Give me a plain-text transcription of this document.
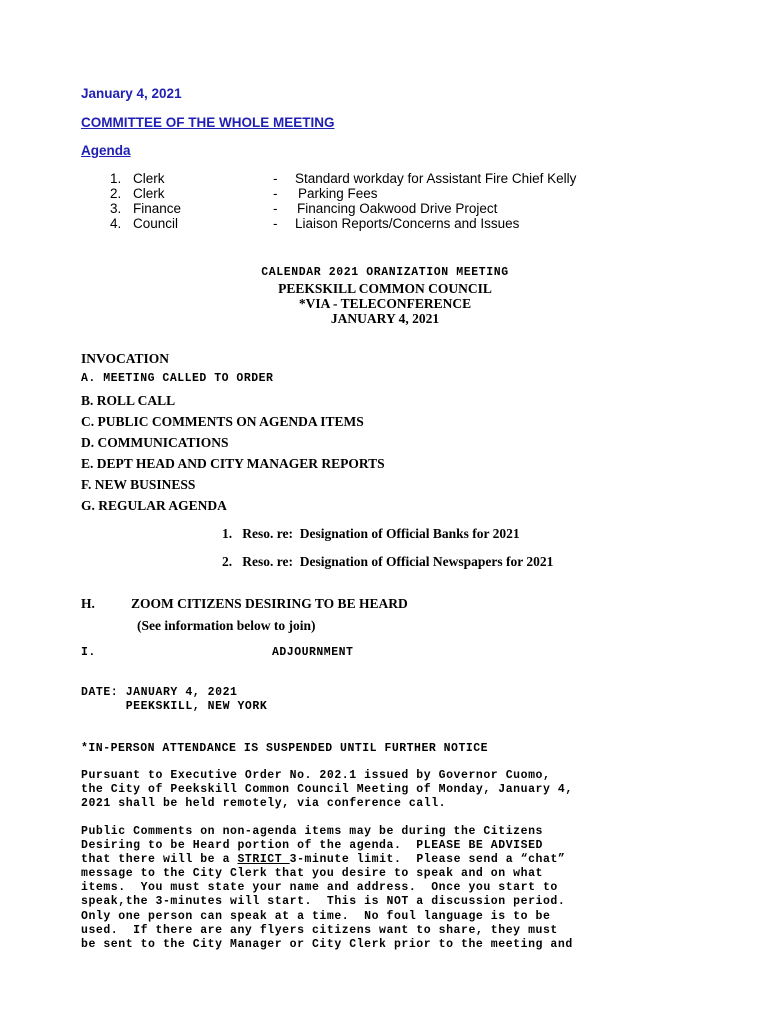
January 4, 2021
COMMITTEE OF THE WHOLE MEETING
Agenda
1. Clerk	- Standard workday for Assistant Fire Chief Kelly
2. Clerk	- Parking Fees
3. Finance	- Financing Oakwood Drive Project
4. Council	- Liaison Reports/Concerns and Issues
CALENDAR 2021 ORANIZATION MEETING
PEEKSKILL COMMON COUNCIL
*VIA - TELECONFERENCE
JANUARY 4, 2021
INVOCATION
A. MEETING CALLED TO ORDER
B. ROLL CALL
C. PUBLIC COMMENTS ON AGENDA ITEMS
D. COMMUNICATIONS
E. DEPT HEAD AND CITY MANAGER REPORTS
F. NEW BUSINESS
G. REGULAR AGENDA
1.   Reso. re:  Designation of Official Banks for 2021
2.   Reso. re:  Designation of Official Newspapers for 2021
H.	ZOOM CITIZENS DESIRING TO BE HEARD
(See information below to join)
I.	ADJOURNMENT
DATE: JANUARY 4, 2021
PEEKSKILL, NEW YORK
*IN-PERSON ATTENDANCE IS SUSPENDED UNTIL FURTHER NOTICE
Pursuant to Executive Order No. 202.1 issued by Governor Cuomo,
the City of Peekskill Common Council Meeting of Monday, January 4,
2021 shall be held remotely, via conference call.
Public Comments on non-agenda items may be during the Citizens
Desiring to be Heard portion of the agenda.  PLEASE BE ADVISED
that there will be a STRICT 3-minute limit.  Please send a “chat”
message to the City Clerk that you desire to speak and on what
items.  You must state your name and address.  Once you start to
speak,the 3-minutes will start.  This is NOT a discussion period.
Only one person can speak at a time.  No foul language is to be
used.  If there are any flyers citizens want to share, they must
be sent to the City Manager or City Clerk prior to the meeting and
